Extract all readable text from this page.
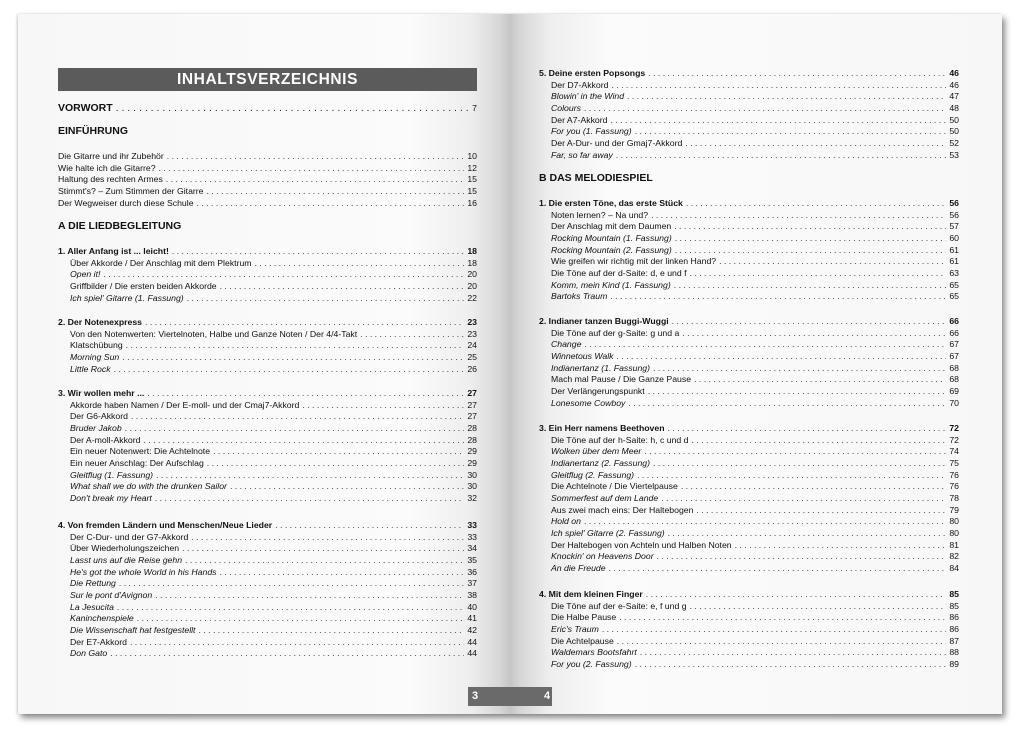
INHALTSVERZEICHNIS
3
VORWORT . . .	7
EINFÜHRUNG
Die Gitarre und ihr Zubehör . . .	10
Wie halte ich die Gitarre? . . .	12
Haltung des rechten Armes . . .	15
Stimmt's? – Zum Stimmen der Gitarre . . .	15
Der Wegweiser durch diese Schule . . .	16
A DIE LIEDBEGLEITUNG
1. Aller Anfang ist ... leicht! . . .	18
Über Akkorde / Der Anschlag mit dem Plektrum . . .	18
Open it! . . .	20
Griffbilder / Die ersten beiden Akkorde . . .	20
Ich spiel' Gitarre (1. Fassung) . . .	22
2. Der Notenexpress . . .	23
Von den Notenwerten: Viertelnoten, Halbe und Ganze Noten / Der 4/4-Takt . . .	23
Klatschübung . . .	24
Morning Sun . . .	25
Little Rock . . .	26
3. Wir wollen mehr ... . . .	27
Akkorde haben Namen / Der E-moll- und der Cmaj7-Akkord . . .	27
Der G6-Akkord . . .	27
Bruder Jakob . . .	28
Der A-moll-Akkord . . .	28
Ein neuer Notenwert: Die Achtelnote . . .	29
Ein neuer Anschlag: Der Aufschlag . . .	29
Gleitflug (1. Fassung) . . .	30
What shall we do with the drunken Sailor . . .	30
Don't break my Heart . . .	32
4. Von fremden Ländern und Menschen/Neue Lieder . . .	33
Der C-Dur- und der G7-Akkord . . .	33
Über Wiederholungszeichen . . .	34
Lasst uns auf die Reise gehn . . .	35
He's got the whole World in his Hands . . .	36
Die Rettung . . .	37
Sur le pont d'Avignon . . .	38
La Jesucita . . .	40
Kaninchenspiele . . .	41
Die Wissenschaft hat festgestellt . . .	42
Der E7-Akkord . . .	44
Don Gato . . .	44
5. Deine ersten Popsongs . . .	46
Der D7-Akkord . . .	46
Blowin' in the Wind . . .	47
Colours . . .	48
Der A7-Akkord . . .	50
For you (1. Fassung) . . .	50
Der A-Dur- und der Gmaj7-Akkord . . .	52
Far, so far away . . .	53
B DAS MELODIESPIEL
1. Die ersten Töne, das erste Stück . . .	56
Noten lernen? – Na und? . . .	56
Der Anschlag mit dem Daumen . . .	57
Rocking Mountain (1. Fassung) . . .	60
Rocking Mountain (2. Fassung) . . .	61
Wie greifen wir richtig mit der linken Hand? . . .	61
Die Töne auf der d-Saite: d, e und f . . .	63
Komm, mein Kind (1. Fassung) . . .	65
Bartoks Traum . . .	65
2. Indianer tanzen Buggi-Wuggi . . .	66
Die Töne auf der g-Saite: g und a . . .	66
Change . . .	67
Winnetous Walk . . .	67
Indianertanz (1. Fassung) . . .	68
Mach mal Pause / Die Ganze Pause . . .	68
Der Verlängerungspunkt . . .	69
Lonesome Cowboy . . .	70
3. Ein Herr namens Beethoven . . .	72
Die Töne auf der h-Saite: h, c und d . . .	72
Wolken über dem Meer . . .	74
Indianertanz (2. Fassung) . . .	75
Gleitflug (2. Fassung) . . .	76
Die Achtelnote / Die Viertelpause . . .	76
Sommerfest auf dem Lande . . .	78
Aus zwei mach eins: Der Haltebogen . . .	79
Hold on . . .	80
Ich spiel' Gitarre (2. Fassung) . . .	80
Der Haltebogen von Achteln und Halben Noten . . .	81
Knockin' on Heavens Door . . .	82
An die Freude . . .	84
4. Mit dem kleinen Finger . . .	85
Die Töne auf der e-Saite: e, f und g . . .	85
Die Halbe Pause . . .	86
Eric's Traum . . .	86
Die Achtelpause . . .	87
Waldemars Bootsfahrt . . .	88
For you (2. Fassung) . . .	89
4
